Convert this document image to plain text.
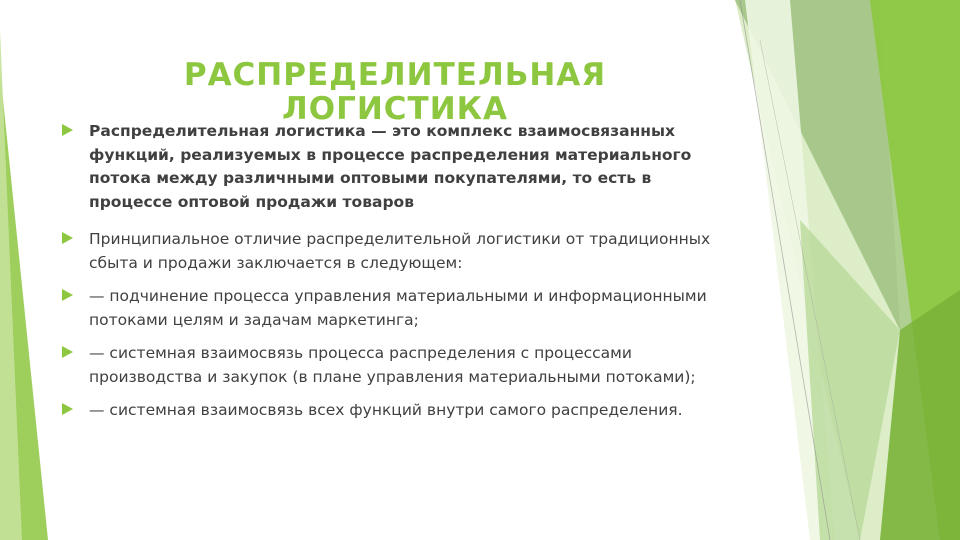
РАСПРЕДЕЛИТЕЛЬНАЯ ЛОГИСТИКА
Распределительная логистика — это комплекс взаимосвязанных функций, реализуемых в процессе распределения материального потока между различными оптовыми покупателями, то есть в процессе оптовой продажи товаров
Принципиальное отличие распределительной логистики от традиционных сбыта и продажи заключается в следующем:
— подчинение процесса управления материальными и информационными потоками целям и задачам маркетинга;
— системная взаимосвязь процесса распределения с процессами производства и закупок (в плане управления материальными потоками);
— системная взаимосвязь всех функций внутри самого распределения.
